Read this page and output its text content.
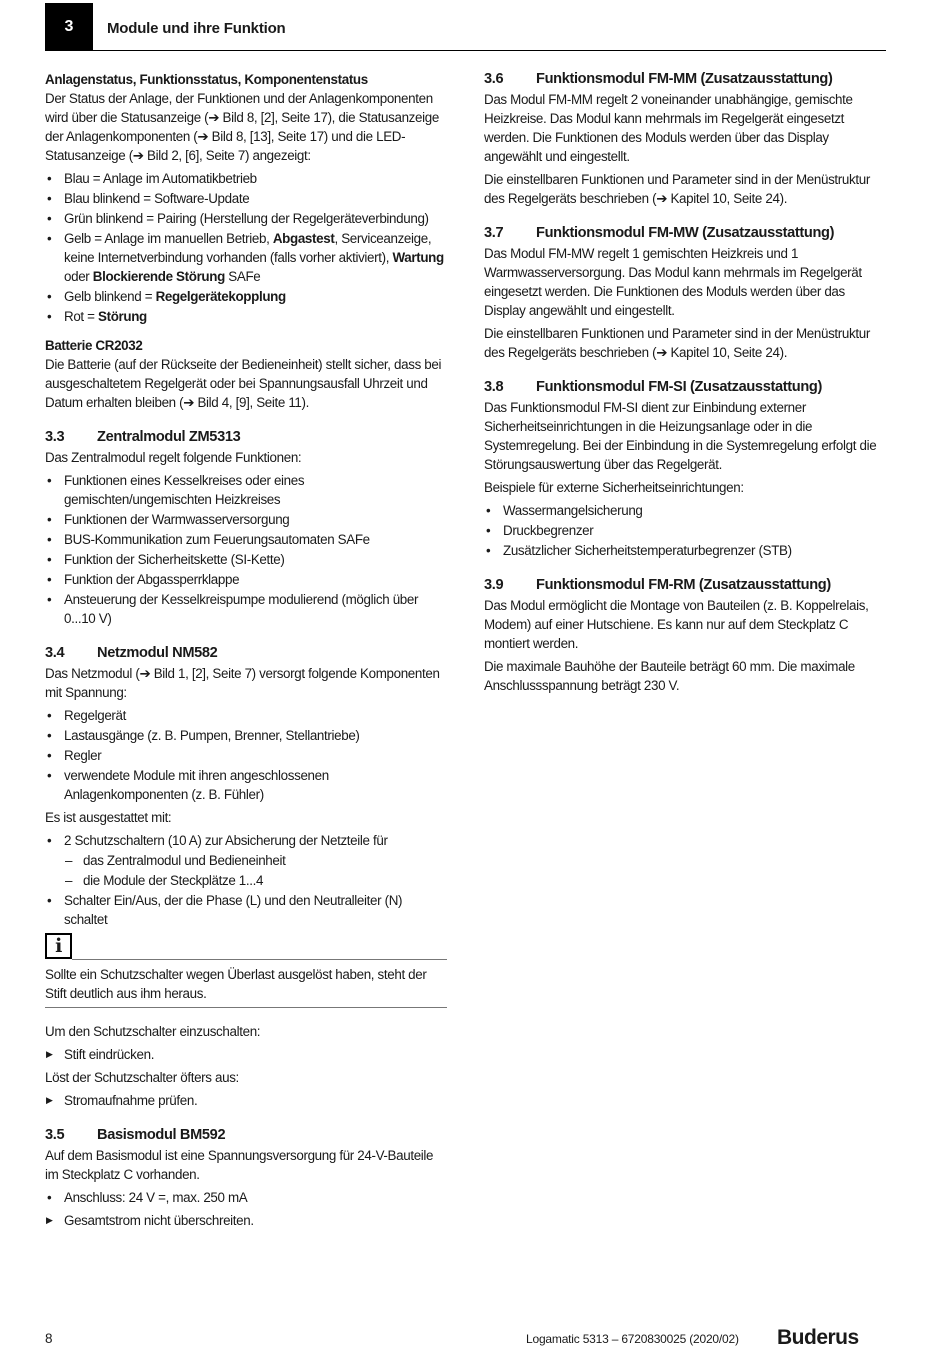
3	Module und ihre Funktion
Anlagenstatus, Funktionsstatus, Komponentenstatus

Der Status der Anlage, der Funktionen und der Anlagenkomponenten wird über die Statusanzeige (➔ Bild 8, [2], Seite 17), die Statusanzeige der Anlagenkomponenten (➔ Bild 8, [13], Seite 17) und die LED-Statusanzeige (➔ Bild 2, [6], Seite 7) angezeigt:

• Blau = Anlage im Automatikbetrieb
• Blau blinkend = Software-Update
• Grün blinkend = Pairing (Herstellung der Regelgeräteverbindung)
• Gelb = Anlage im manuellen Betrieb, Abgastest, Serviceanzeige, keine Internetverbindung vorhanden (falls vorher aktiviert), Wartung oder Blockierende Störung SAFe
• Gelb blinkend = Regelgerätekopplung
• Rot = Störung
Batterie CR2032

Die Batterie (auf der Rückseite der Bedieneinheit) stellt sicher, dass bei ausgeschaltetem Regelgerät oder bei Spannungsausfall Uhrzeit und Datum erhalten bleiben (➔ Bild 4, [9], Seite 11).

3.3	Zentralmodul ZM5313

Das Zentralmodul regelt folgende Funktionen:

• Funktionen eines Kesselkreises oder eines gemischten/ungemischten Heizkreises
• Funktionen der Warmwasserversorgung
• BUS-Kommunikation zum Feuerungsautomaten SAFe
• Funktion der Sicherheitskette (SI-Kette)
• Funktion der Abgassperrklappe
• Ansteuerung der Kesselkreispumpe modulierend (möglich über 0...10 V)
3.4	Netzmodul NM582

Das Netzmodul (➔ Bild 1, [2], Seite 7) versorgt folgende Komponenten mit Spannung:

• Regelgerät
• Lastausgänge (z. B. Pumpen, Brenner, Stellantriebe)
• Regler
• verwendete Module mit ihren angeschlossenen Anlagenkomponenten (z. B. Fühler)

Es ist ausgestattet mit:

• 2 Schutzschaltern (10 A) zur Absicherung der Netzteile für
– das Zentralmodul und Bedieneinheit
– die Module der Steckplätze 1...4
• Schalter Ein/Aus, der die Phase (L) und den Neutralleiter (N) schaltet
i

Sollte ein Schutzschalter wegen Überlast ausgelöst haben, steht der Stift deutlich aus ihm heraus.

Um den Schutzschalter einzuschalten:

▶ Stift eindrücken.

Löst der Schutzschalter öfters aus:

▶ Stromaufnahme prüfen.
3.5	Basismodul BM592

Auf dem Basismodul ist eine Spannungsversorgung für 24-V-Bauteile im Steckplatz C vorhanden.

• Anschluss: 24 V =, max. 250 mA
▶ Gesamtstrom nicht überschreiten.
3.6	Funktionsmodul FM-MM (Zusatzausstattung)

Das Modul FM-MM regelt 2 voneinander unabhängige, gemischte Heizkreise. Das Modul kann mehrmals im Regelgerät eingesetzt werden. Die Funktionen des Moduls werden über das Display angewählt und eingestellt.

Die einstellbaren Funktionen und Parameter sind in der Menüstruktur des Regelgeräts beschrieben (➔ Kapitel 10, Seite 24).

3.7	Funktionsmodul FM-MW (Zusatzausstattung)

Das Modul FM-MW regelt 1 gemischten Heizkreis und 1 Warmwasserversorgung. Das Modul kann mehrmals im Regelgerät eingesetzt werden. Die Funktionen des Moduls werden über das Display angewählt und eingestellt.

Die einstellbaren Funktionen und Parameter sind in der Menüstruktur des Regelgeräts beschrieben (➔ Kapitel 10, Seite 24).

3.8	Funktionsmodul FM-SI (Zusatzausstattung)

Das Funktionsmodul FM-SI dient zur Einbindung externer Sicherheitseinrichtungen in die Heizungsanlage oder in die Systemregelung. Bei der Einbindung in die Systemregelung erfolgt die Störungsauswertung über das Regelgerät.

Beispiele für externe Sicherheitseinrichtungen:

• Wassermangelsicherung
• Druckbegrenzer
• Zusätzlicher Sicherheitstemperaturbegrenzer (STB)
3.9	Funktionsmodul FM-RM (Zusatzausstattung)

Das Modul ermöglicht die Montage von Bauteilen (z. B. Koppelrelais, Modem) auf einer Hutschiene. Es kann nur auf dem Steckplatz C montiert werden.

Die maximale Bauhöhe der Bauteile beträgt 60 mm. Die maximale Anschlussspannung beträgt 230 V.

8	Logamatic 5313 – 6720830025 (2020/02) Buderus
